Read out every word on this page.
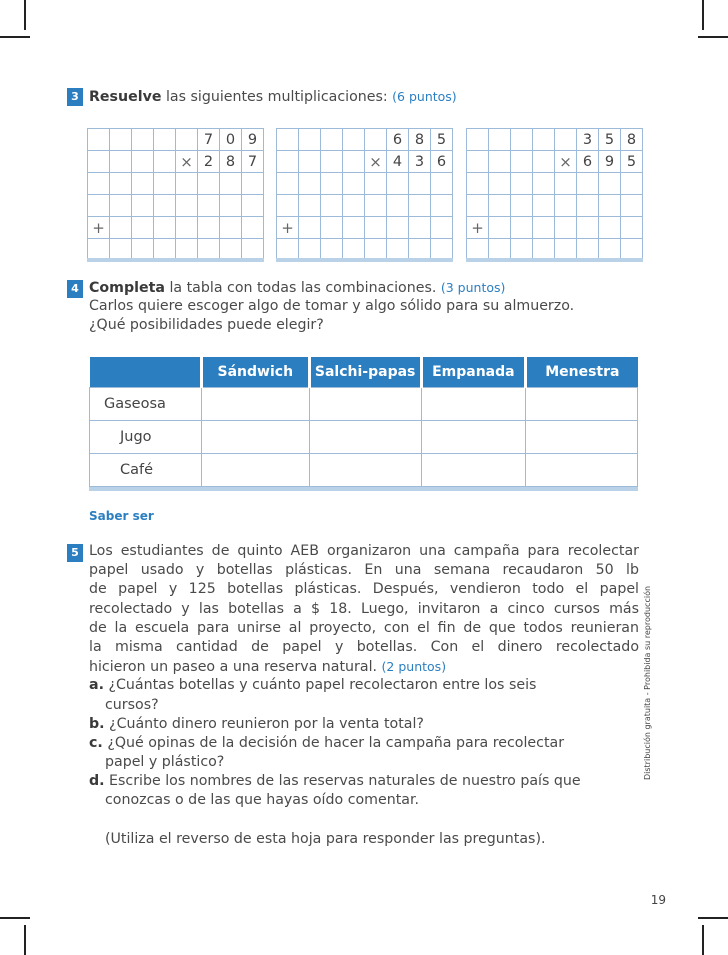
3 Resuelve las siguientes multiplicaciones: (6 puntos)
					7	0	9
				×	2	8	7

+							

					6	8	5
				×	4	3	6

+							

					3	5	8
				×	6	9	5

+							

4 Completa la tabla con todas las combinaciones. (3 puntos)
Carlos quiere escoger algo de tomar y algo sólido para su almuerzo.
¿Qué posibilidades puede elegir?
	Sándwich	Salchi-papas	Empanada	Menestra
Gaseosa				
Jugo				
Café				
Saber ser
5 Los estudiantes de quinto AEB organizaron una campaña para recolectar
papel usado y botellas plásticas. En una semana recaudaron 50 lb
de papel y 125 botellas plásticas. Después, vendieron todo el papel
recolectado y las botellas a $ 18. Luego, invitaron a cinco cursos más
de la escuela para unirse al proyecto, con el fin de que todos reunieran
la misma cantidad de papel y botellas. Con el dinero recolectado
hicieron un paseo a una reserva natural. (2 puntos)
a. ¿Cuántas botellas y cuánto papel recolectaron entre los seis
cursos?
b. ¿Cuánto dinero reunieron por la venta total?
c. ¿Qué opinas de la decisión de hacer la campaña para recolectar
papel y plástico?
d. Escribe los nombres de las reservas naturales de nuestro país que
conozcas o de las que hayas oído comentar.
(Utiliza el reverso de esta hoja para responder las preguntas).
Distribución gratuita - Prohibida su reproducción
19
